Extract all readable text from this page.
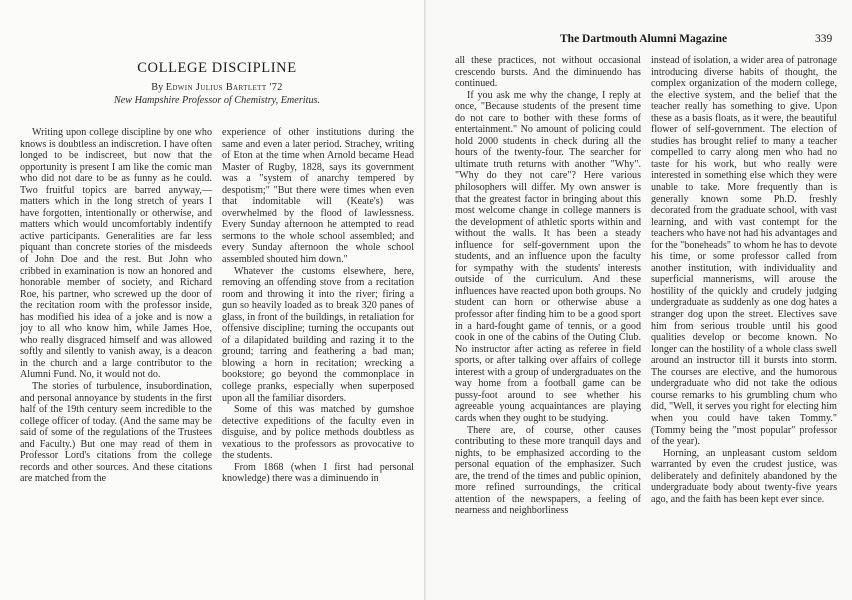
COLLEGE DISCIPLINE
By Edwin Julius Bartlett '72
New Hampshire Professor of Chemistry, Emeritus.

Writing upon college discipline by one who knows is doubtless an indiscretion. I have often longed to be indiscreet, but now that the opportunity is present I am like the comic man who did not dare to be as funny as he could. Two fruitful topics are barred anyway,—matters which in the long stretch of years I have forgotten, intentionally or otherwise, and matters which would uncomfortably indentify active participants. Generalities are far less piquant than concrete stories of the misdeeds of John Doe and the rest. But John who cribbed in examination is now an honored and honorable member of society, and Richard Roe, his partner, who screwed up the door of the recitation room with the professor inside, has modified his idea of a joke and is now a joy to all who know him, while James Hoe, who really disgraced himself and was allowed softly and silently to vanish away, is a deacon in the church and a large contributor to the Alumni Fund. No, it would not do.

The stories of turbulence, insubordination, and personal annoyance by students in the first half of the 19th century seem incredible to the college officer of today. (And the same may be said of some of the regulations of the Trustees and Faculty.) But one may read of them in Professor Lord's citations from the college records and other sources. And these citations are matched from the

experience of other institutions during the same and even a later period. Strachey, writing of Eton at the time when Arnold became Head Master of Rugby, 1828, says its government was a "system of anarchy tempered by despotism;" "But there were times when even that indomitable will (Keate's) was overwhelmed by the flood of lawlessness. Every Sunday afternoon he attempted to read sermons to the whole school assembled; and every Sunday afternoon the whole school assembled shouted him down."

Whatever the customs elsewhere, here, removing an offending stove from a recitation room and throwing it into the river; firing a gun so heavily loaded as to break 320 panes of glass, in front of the buildings, in retaliation for offensive discipline; turning the occupants out of a dilapidated building and razing it to the ground; tarring and feathering a bad man; blowing a horn in recitation; wrecking a bookstore; go beyond the commonplace in college pranks, especially when superposed upon all the familiar disorders.

Some of this was matched by gumshoe detective expeditions of the faculty even in disguise, and by police methods doubtless as vexatious to the professors as provocative to the students.

From 1868 (when I first had personal knowledge) there was a diminuendo in

The Dartmouth Alumni Magazine	339

all these practices, not without occasional crescendo bursts. And the diminuendo has continued.

If you ask me why the change, I reply at once, "Because students of the present time do not care to bother with these forms of entertainment." No amount of policing could hold 2000 students in check during all the hours of the twenty-four. The searcher for ultimate truth returns with another "Why". "Why do they not care"? Here various philosophers will differ. My own answer is that the greatest factor in bringing about this most welcome change in college manners is the development of athletic sports within and without the walls. It has been a steady influence for self-government upon the students, and an influence upon the faculty for sympathy with the students' interests outside of the curriculum. And these influences have reacted upon both groups. No student can horn or otherwise abuse a professor after finding him to be a good sport in a hard-fought game of tennis, or a good cook in one of the cabins of the Outing Club. No instructor after acting as referee in field sports, or after talking over affairs of college interest with a group of undergraduates on the way home from a football game can be pussy-foot around to see whether his agreeable young acquaintances are playing cards when they ought to be studying.

There are, of course, other causes contributing to these more tranquil days and nights, to be emphasized according to the personal equation of the emphasizer. Such are, the trend of the times and public opinion, more refined surroundings, the critical attention of the newspapers, a feeling of nearness and neighborliness

instead of isolation, a wider area of patronage introducing diverse habits of thought, the complex organization of the modern college, the elective system, and the belief that the teacher really has something to give. Upon these as a basis floats, as it were, the beautiful flower of self-government. The election of studies has brought relief to many a teacher compelled to carry along men who had no taste for his work, but who really were interested in something else which they were unable to take. More frequently than is generally known some Ph.D. freshly decorated from the graduate school, with vast learning, and with vast contempt for the teachers who have not had his advantages and for the "boneheads" to whom he has to devote his time, or some professor called from another institution, with individuality and superficial mannerisms, will arouse the hostility of the quickly and crudely judging undergraduate as suddenly as one dog hates a stranger dog upon the street. Electives save him from serious trouble until his good qualities develop or become known. No longer can the hostility of a whole class swell around an instructor till it bursts into storm. The courses are elective, and the humorous undergraduate who did not take the odious course remarks to his grumbling chum who did, "Well, it serves you right for electing him when you could have taken Tommy." (Tommy being the "most popular" professor of the year).

Horning, an unpleasant custom seldom warranted by even the crudest justice, was deliberately and definitely abandoned by the undergraduate body about twenty-five years ago, and the faith has been kept ever since.
